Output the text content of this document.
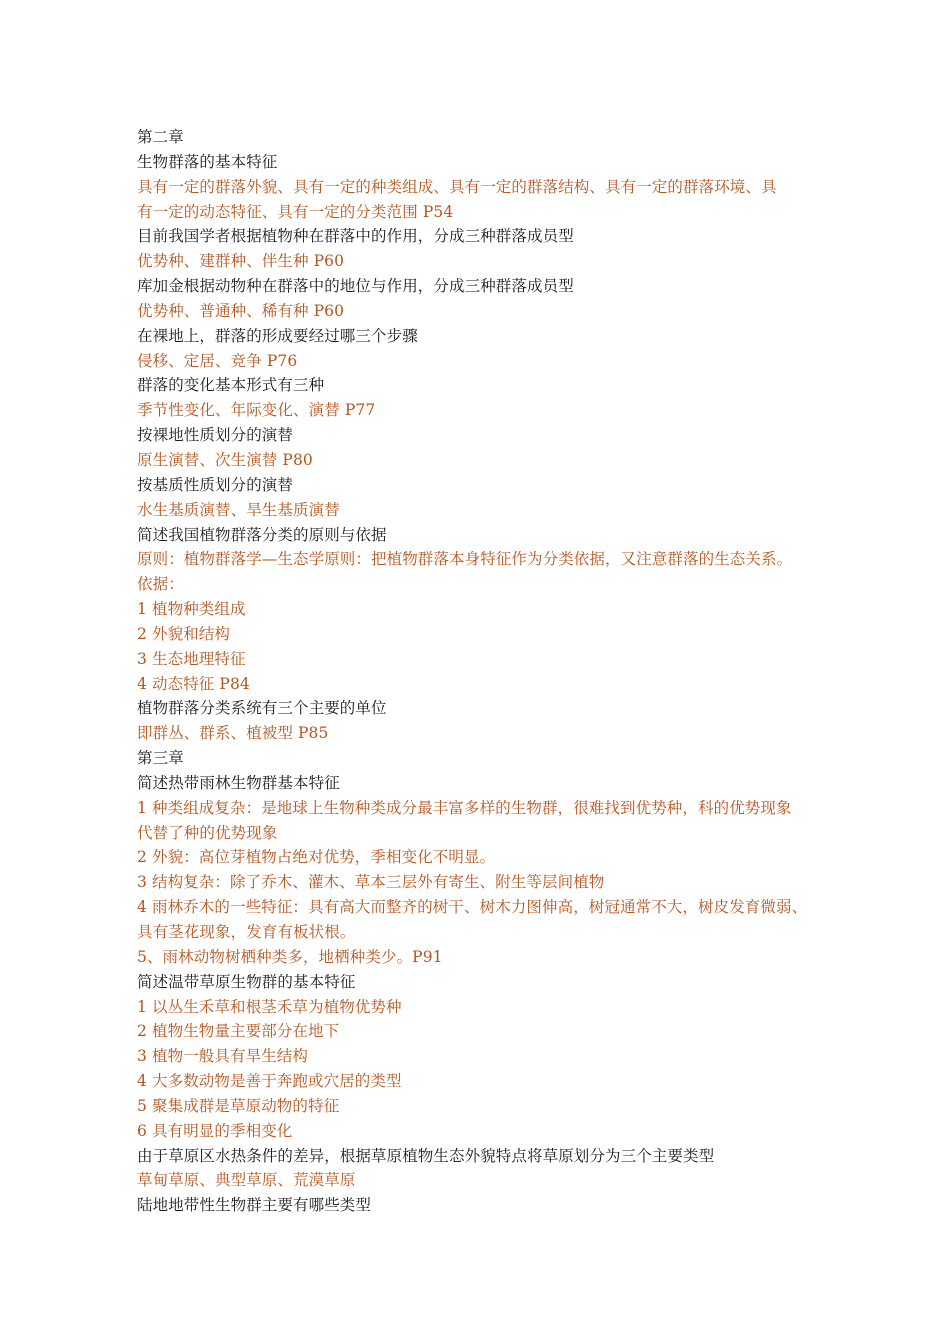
第二章
生物群落的基本特征
具有一定的群落外貌、具有一定的种类组成、具有一定的群落结构、具有一定的群落环境、具
有一定的动态特征、具有一定的分类范围 P54
目前我国学者根据植物种在群落中的作用，分成三种群落成员型
优势种、建群种、伴生种 P60
库加金根据动物种在群落中的地位与作用，分成三种群落成员型
优势种、普通种、稀有种 P60
在裸地上，群落的形成要经过哪三个步骤
侵移、定居、竞争 P76
群落的变化基本形式有三种
季节性变化、年际变化、演替 P77
按裸地性质划分的演替
原生演替、次生演替 P80
按基质性质划分的演替
水生基质演替、旱生基质演替
简述我国植物群落分类的原则与依据
原则：植物群落学—生态学原则：把植物群落本身特征作为分类依据，又注意群落的生态关系。
依据：
1 植物种类组成
2 外貌和结构
3 生态地理特征
4 动态特征 P84
植物群落分类系统有三个主要的单位
即群丛、群系、植被型 P85
第三章
简述热带雨林生物群基本特征
1 种类组成复杂：是地球上生物种类成分最丰富多样的生物群，很难找到优势种，科的优势现象
代替了种的优势现象
2 外貌：高位芽植物占绝对优势，季相变化不明显。
3 结构复杂：除了乔木、灌木、草本三层外有寄生、附生等层间植物
4 雨林乔木的一些特征：具有高大而整齐的树干、树木力图伸高，树冠通常不大，树皮发育微弱、
具有茎花现象，发育有板状根。
5、雨林动物树栖种类多，地栖种类少。P91
简述温带草原生物群的基本特征
1 以丛生禾草和根茎禾草为植物优势种
2 植物生物量主要部分在地下
3 植物一般具有旱生结构
4 大多数动物是善于奔跑或穴居的类型
5 聚集成群是草原动物的特征
6 具有明显的季相变化
由于草原区水热条件的差异，根据草原植物生态外貌特点将草原划分为三个主要类型
草甸草原、典型草原、荒漠草原
陆地地带性生物群主要有哪些类型
